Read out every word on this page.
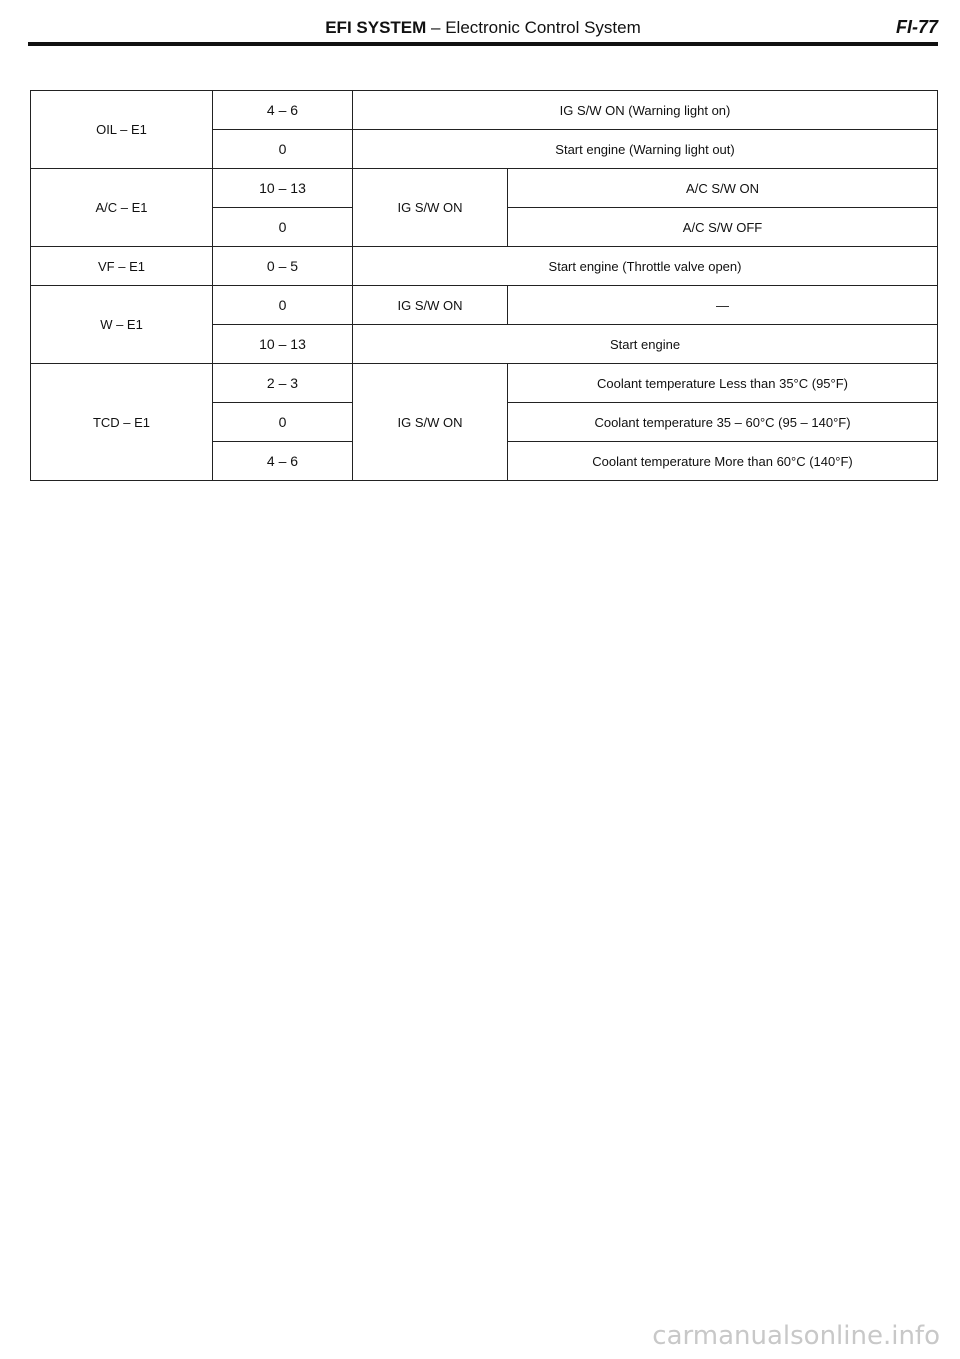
EFI SYSTEM – Electronic Control System	FI-77
OIL – E1	4 – 6	IG S/W ON (Warning light on)	
	0	Start engine (Warning light out)	
A/C – E1	10 – 13	IG S/W ON	A/C S/W ON
	0		A/C S/W OFF
VF – E1	0 – 5	Start engine (Throttle valve open)	
W – E1	0	IG S/W ON	—
	10 – 13	Start engine	
TCD – E1	2 – 3	IG S/W ON	Coolant temperature Less than 35°C (95°F)
	0		Coolant temperature 35 – 60°C (95 – 140°F)
	4 – 6		Coolant temperature More than 60°C (140°F)
carmanualsonline.info
